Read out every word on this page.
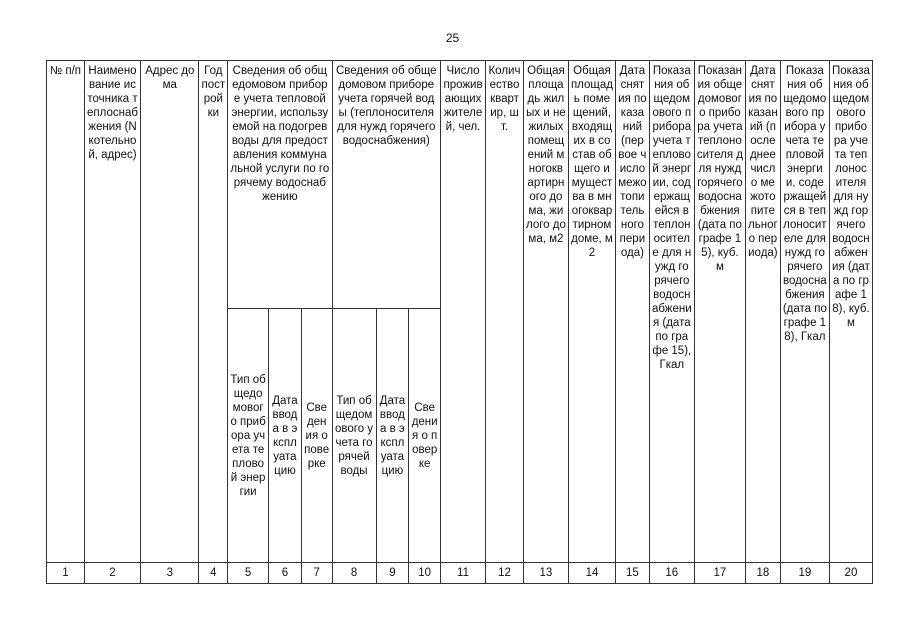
25
№ п/п	Наименование источника теплоснабжения (N котельной, адрес)	Адрес дома	Год постройки	Сведения об общедомовом приборе учета тепловой энергии, используемой на подогрев воды для предоставления коммунальной услуги по горячему водоснабжению			Сведения об общедомовом приборе учета горячей воды (теплоносителя для нужд горячего водоснабжения)			Число проживающих жителей, чел.	Количество квартир, шт.	Общая площадь жилых и нежилых помещений многоквартирного дома, жилого дома, м2	Общая площадь помещений, входящих в состав общего имущества в многоквартирном доме, м2	Дата снятия показаний (первое число межотопительного периода)	Показания общедомового прибора учета тепловой энергии, содержащейся в теплоносителе для нужд горячего водоснабжения (дата по графе 15), Гкал	Показания общедомового прибора учета теплоносителя для нужд горячего водоснабжения (дата по графе 15), куб. м	Дата снятия показаний (последнее число межотопительного периода)	Показания общедомового прибора учета тепловой энергии, содержащейся в теплоносителе для нужд горячего водоснабжения (дата по графе 18), Гкал	Показания общедомового прибора учета теплоносителя для нужд горячего водоснабжения (дата по графе 18), куб. м
				Тип общедомового прибора учета тепловой энергии	Дата ввода в эксплуатацию	Сведения о поверке	Тип общедомового учета горячей воды	Дата ввода в эксплуатацию	Сведения о поверке										
1	2	3	4	5	6	7	8	9	10	11	12	13	14	15	16	17	18	19	20
